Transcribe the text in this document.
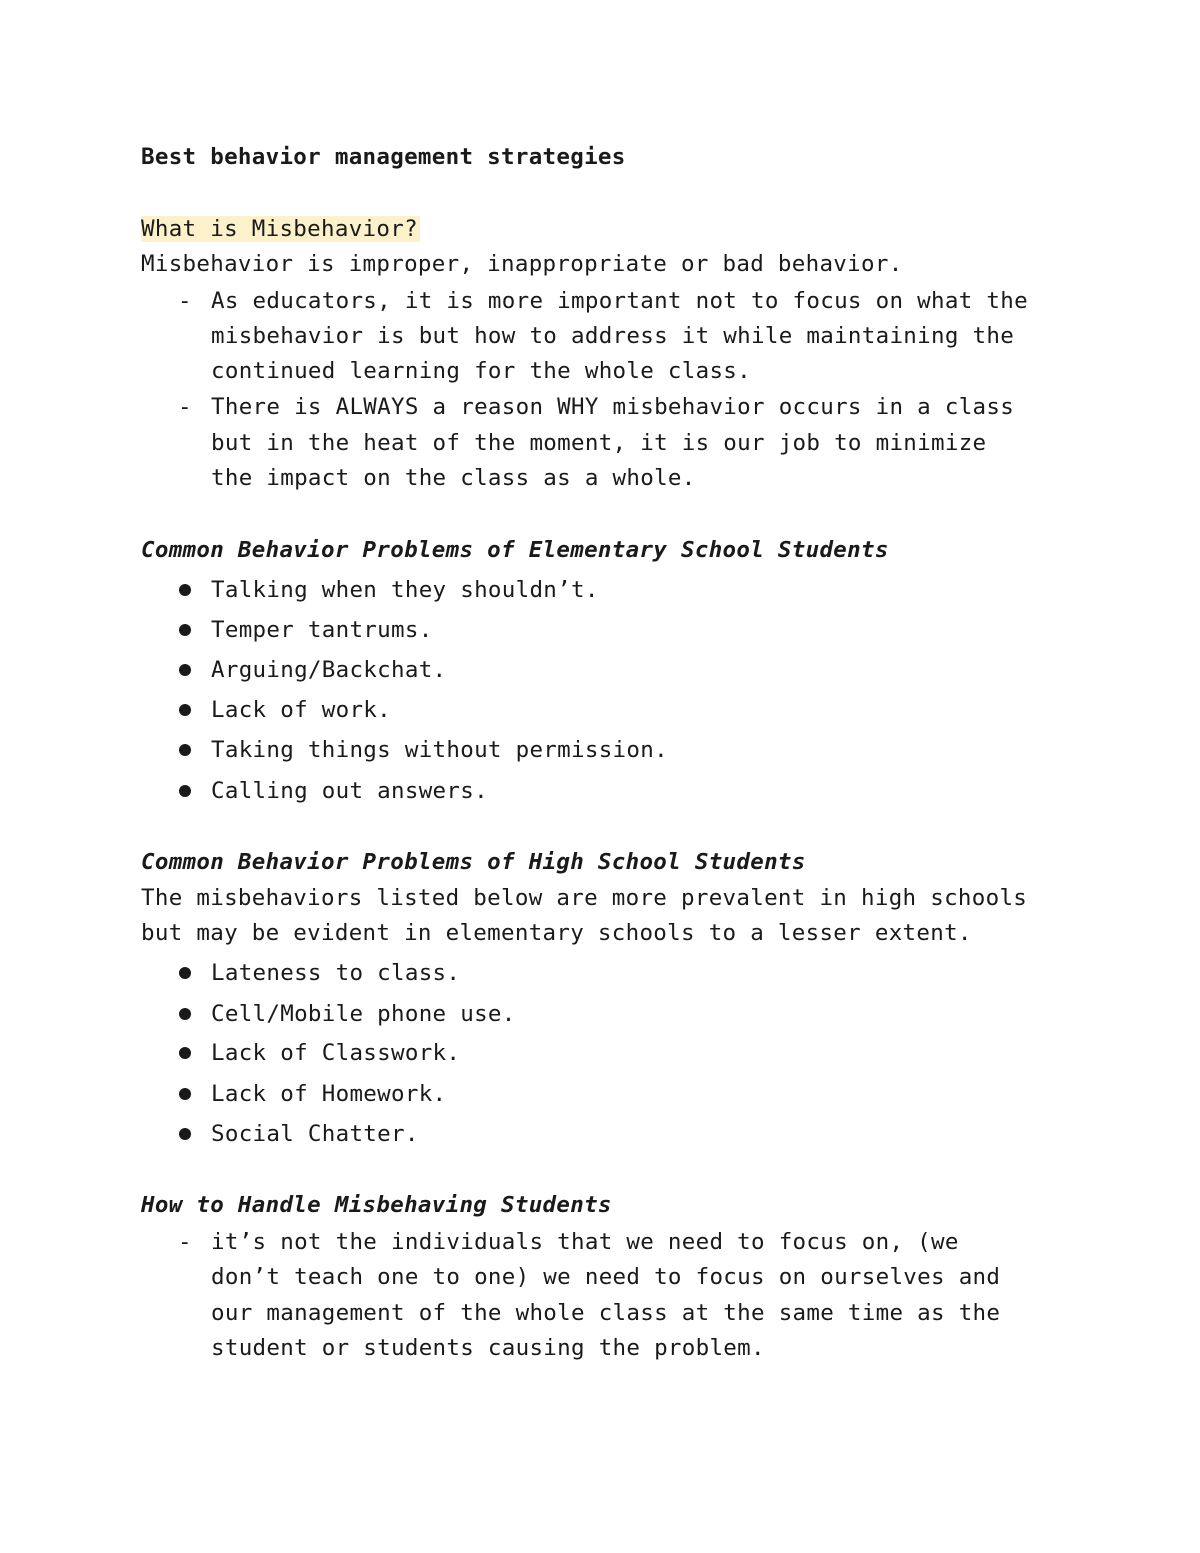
Best behavior management strategies
What is Misbehavior?
Misbehavior is improper, inappropriate or bad behavior.
- As educators, it is more important not to focus on what the
misbehavior is but how to address it while maintaining the
continued learning for the whole class.
- There is ALWAYS a reason WHY misbehavior occurs in a class
but in the heat of the moment, it is our job to minimize
the impact on the class as a whole.
Common Behavior Problems of Elementary School Students
Talking when they shouldn’t.
Temper tantrums.
Arguing/Backchat.
Lack of work.
Taking things without permission.
Calling out answers.
Common Behavior Problems of High School Students
The misbehaviors listed below are more prevalent in high schools
but may be evident in elementary schools to a lesser extent.
Lateness to class.
Cell/Mobile phone use.
Lack of Classwork.
Lack of Homework.
Social Chatter.
How to Handle Misbehaving Students
- it’s not the individuals that we need to focus on, (we
don’t teach one to one) we need to focus on ourselves and
our management of the whole class at the same time as the
student or students causing the problem.
